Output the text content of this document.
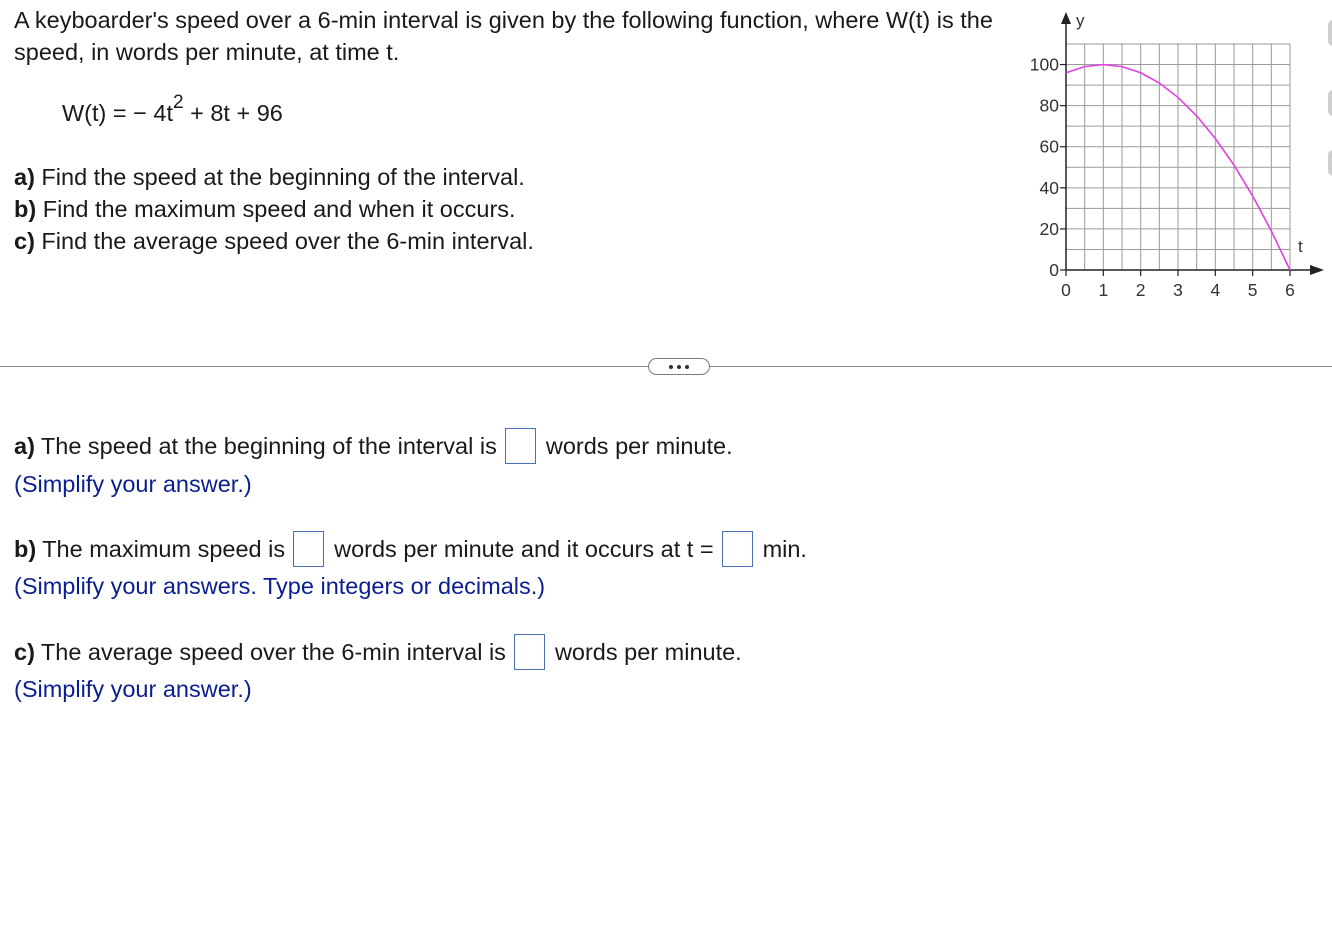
A keyboarder's speed over a 6-min interval is given by the following function, where W(t) is the speed, in words per minute, at time t.
W(t) = − $4t^2 + 8t + 96$
a) Find the speed at the beginning of the interval.
b) Find the maximum speed and when it occurs.
c) Find the average speed over the 6-min interval.
y
t
100
80
60
40
20
0
0 1 2 3 4 5 6
a) The speed at the beginning of the interval is words per minute.
(Simplify your answer.)
b) The maximum speed is words per minute and it occurs at t = min.
(Simplify your answers. Type integers or decimals.)
c) The average speed over the 6-min interval is words per minute.
(Simplify your answer.)
